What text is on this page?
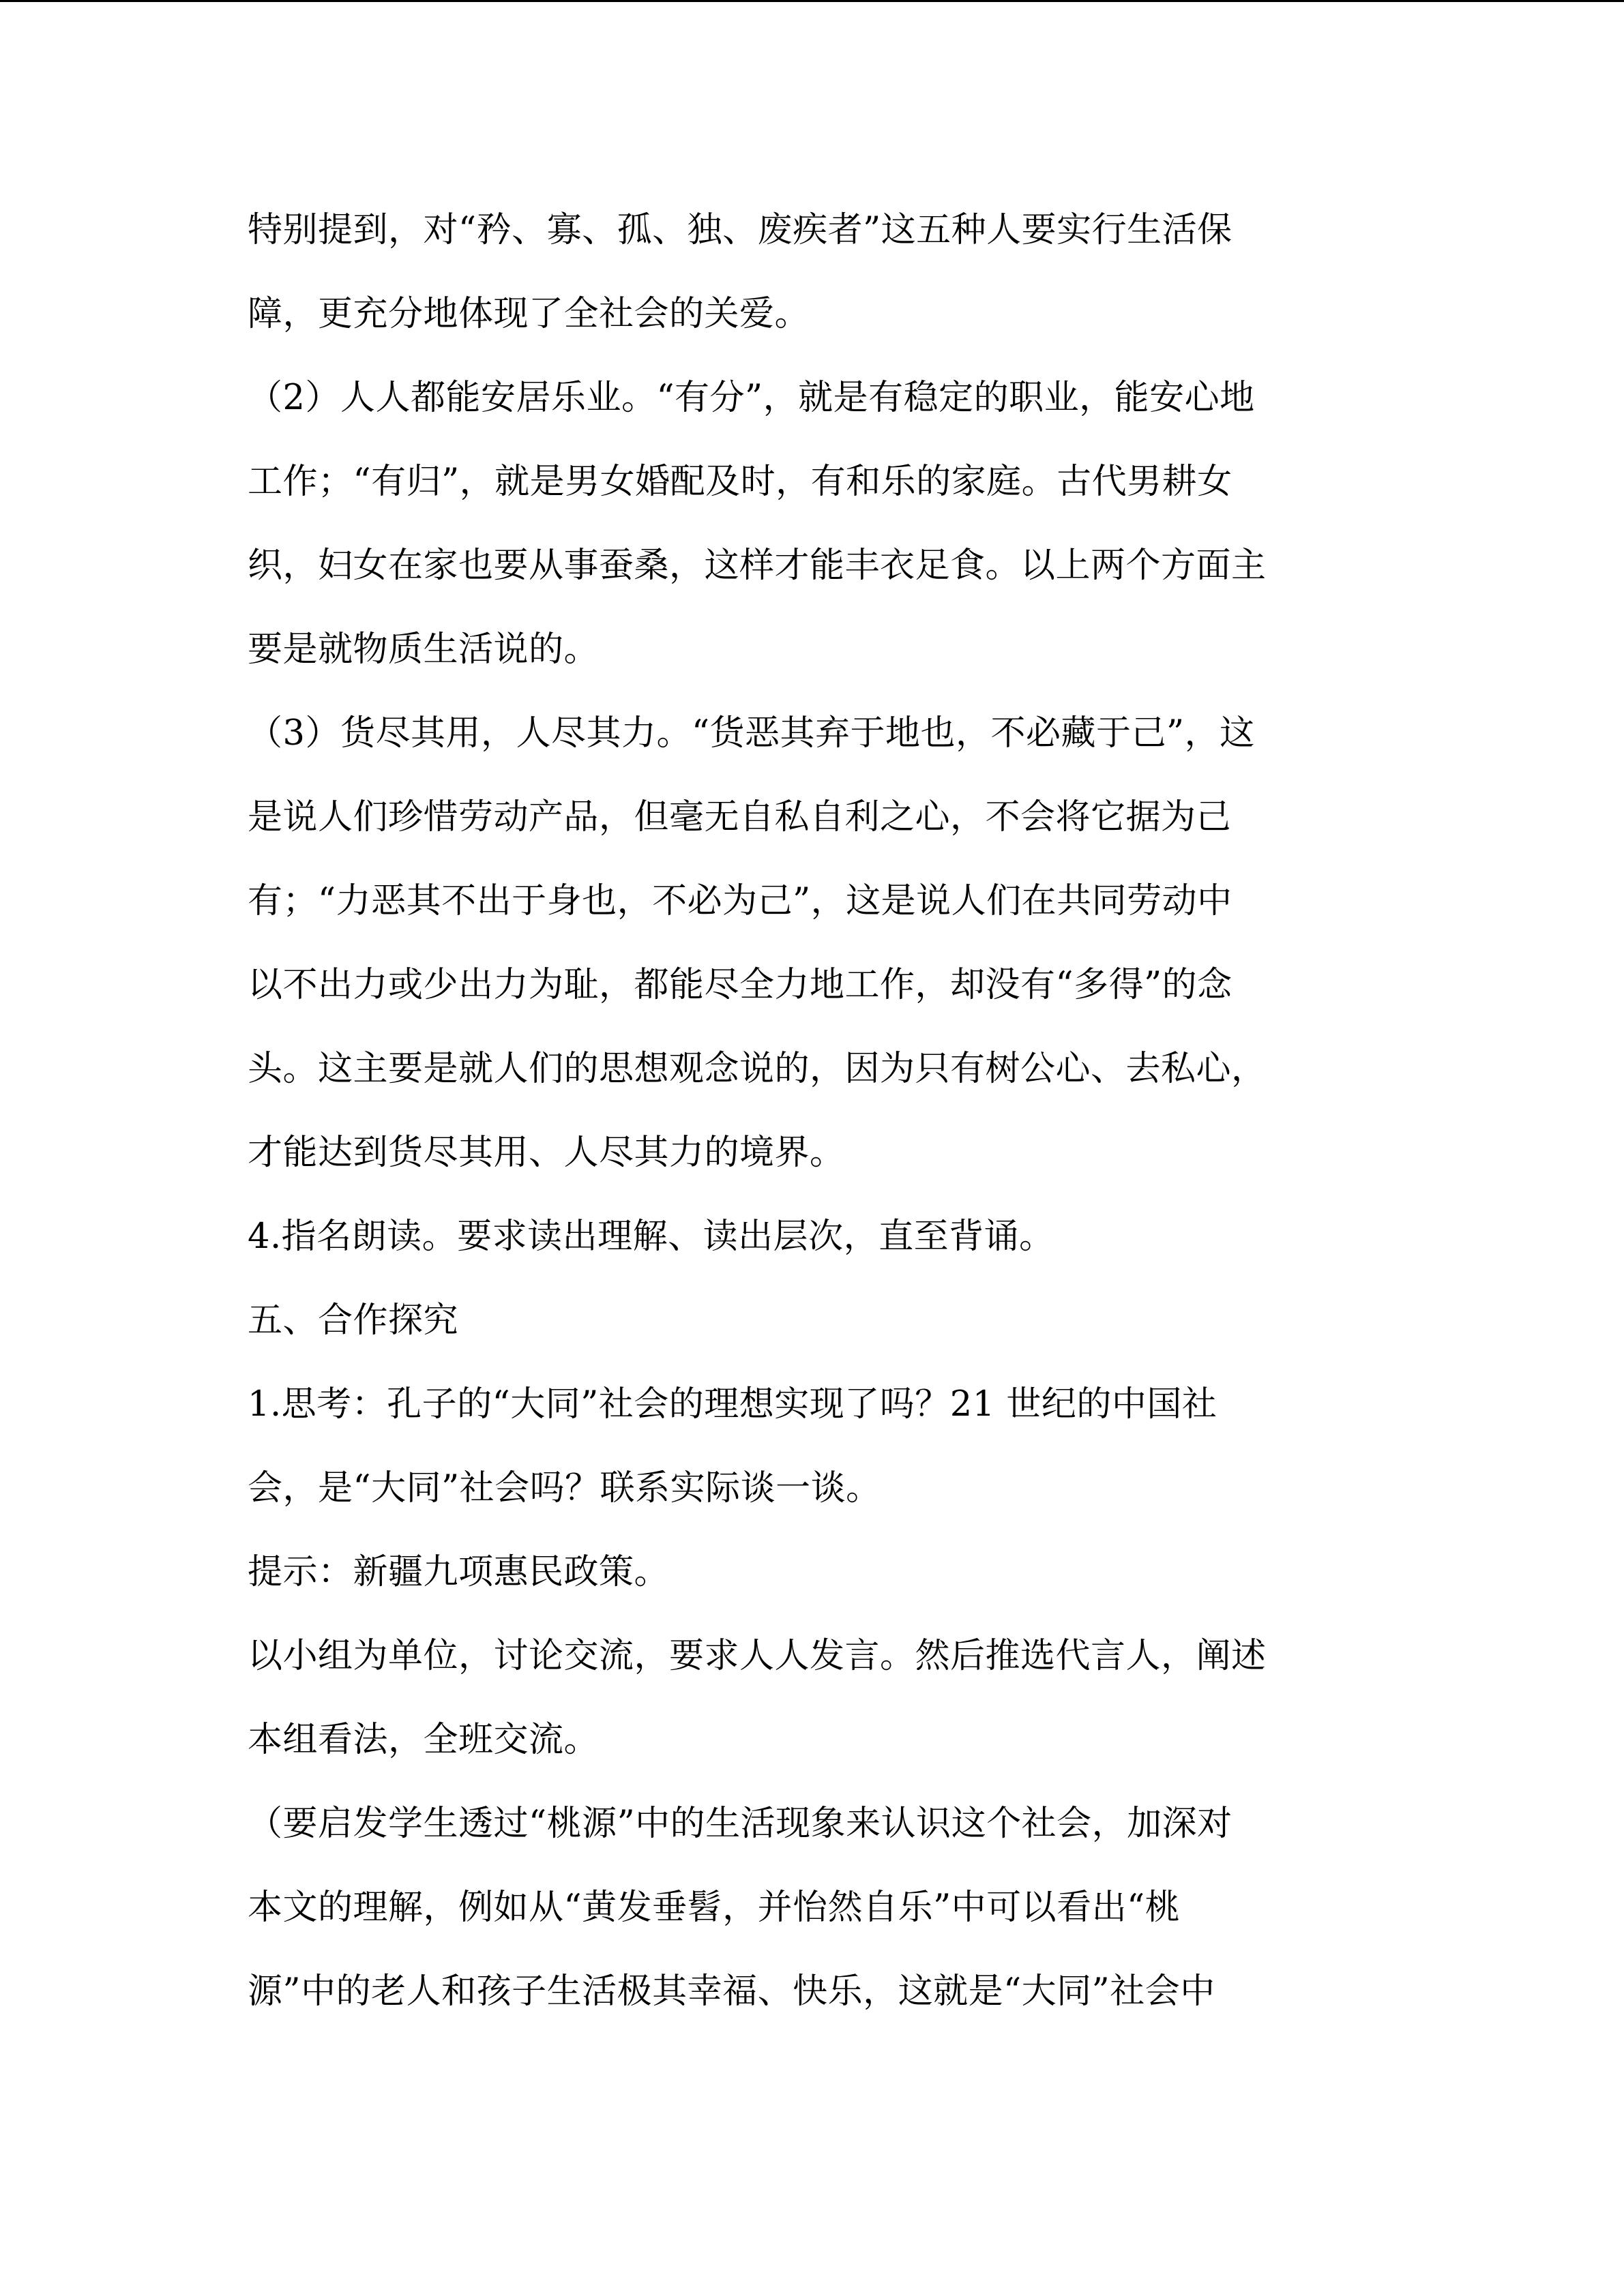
特别提到，对“矜、寡、孤、独、废疾者”这五种人要实行生活保
障，更充分地体现了全社会的关爱。
（2）人人都能安居乐业。“有分”，就是有稳定的职业，能安心地
工作；“有归”，就是男女婚配及时，有和乐的家庭。古代男耕女
织，妇女在家也要从事蚕桑，这样才能丰衣足食。以上两个方面主
要是就物质生活说的。
（3）货尽其用，人尽其力。“货恶其弃于地也，不必藏于己”，这
是说人们珍惜劳动产品，但毫无自私自利之心，不会将它据为己
有；“力恶其不出于身也，不必为己”，这是说人们在共同劳动中
以不出力或少出力为耻，都能尽全力地工作，却没有“多得”的念
头。这主要是就人们的思想观念说的，因为只有树公心、去私心，
才能达到货尽其用、人尽其力的境界。
4.指名朗读。要求读出理解、读出层次，直至背诵。
五、合作探究
1.思考：孔子的“大同”社会的理想实现了吗？21 世纪的中国社
会，是“大同”社会吗？联系实际谈一谈。
提示：新疆九项惠民政策。
以小组为单位，讨论交流，要求人人发言。然后推选代言人，阐述
本组看法，全班交流。
（要启发学生透过“桃源”中的生活现象来认识这个社会，加深对
本文的理解，例如从“黄发垂髫，并怡然自乐”中可以看出“桃
源”中的老人和孩子生活极其幸福、快乐，这就是“大同”社会中
